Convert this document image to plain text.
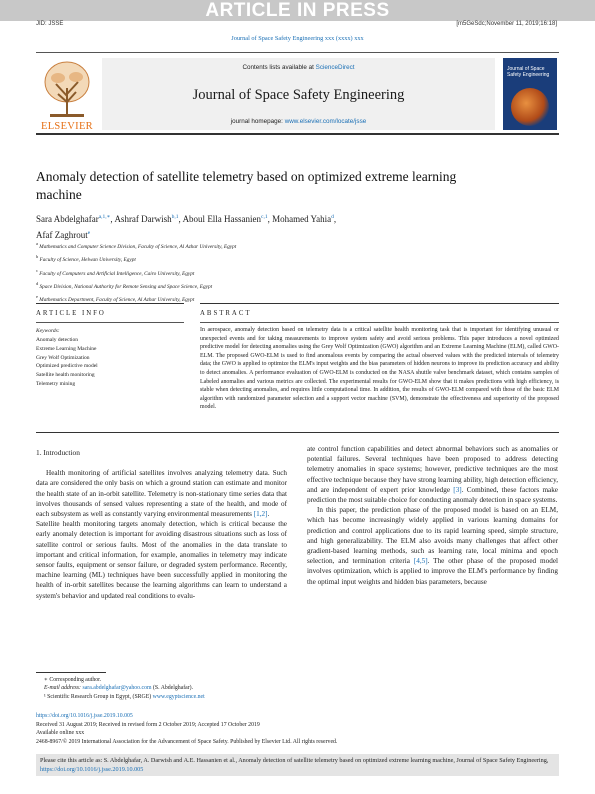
ARTICLE IN PRESS
JID: JSSE	[m5GeSdc;November 11, 2019;16:18]
Journal of Space Safety Engineering xxx (xxxx) xxx
ELSEVIER
Contents lists available at ScienceDirect
Journal of Space Safety Engineering
journal homepage: www.elsevier.com/locate/jsse
Journal of Space Safety Engineering
Anomaly detection of satellite telemetry based on optimized extreme learning machine
Sara Abdelghafar$^{a,1,∗}$, Ashraf Darwish$^{b,1}$, Aboul Ella Hassanien$^{c,1}$, Mohamed Yahia$^d$,
Afaf Zaghrout$^e$
$^a$ Mathematics and Computer Science Division, Faculty of Science, Al Azhar University, Egypt
$^b$ Faculty of Science, Helwan University, Egypt
$^c$ Faculty of Computers and Artificial Intelligence, Cairo University, Egypt
$^d$ Space Division, National Authority for Remote Sensing and Space Science, Egypt
$^e$ Mathematics Department, Faculty of Science, Al Azhar University, Egypt
ARTICLE INFO	ABSTRACT
Keywords:
Anomaly detection
Extreme Learning Machine
Grey Wolf Optimization
Optimized predictive model
Satellite health monitoring
Telemetry mining
In aerospace, anomaly detection based on telemetry data is a critical satellite health monitoring task that is important for identifying unusual or unexpected events and for taking measurements to improve system safety and avoid serious problems. This paper introduces a novel optimized predictive model for detecting anomalies using the Grey Wolf Optimization (GWO) algorithm and an Extreme Learning Machine (ELM), called GWO-ELM. The proposed GWO-ELM is used to find anomalous events by comparing the actual observed values with the predicted intervals of telemetry data; the GWO is applied to optimize the ELM's input weights and the bias parameters of hidden neurons to improve its prediction accuracy and ability to detect anomalies. A performance evaluation of GWO-ELM is conducted on the NASA shuttle valve benchmark dataset, which contains samples of Labeled anomalies and various metrics are collected. The experimental results for GWO-ELM show that it makes predictions with high efficiency, is stable when detecting anomalies, and requires little computational time. In addition, the results of GWO-ELM compared with those of the basic ELM algorithm with randomized parameter selection and a support vector machine (SVM), demonstrate the effectiveness and superiority of the proposed model.
1. Introduction

Health monitoring of artificial satellites involves analyzing telemetry data. Such data are considered the only basis on which a ground station can estimate and monitor the health state of an in-orbit satellite. Telemetry is non-stationary time series data that involves thousands of sensed values representing a state of the health, and mode of each subsystem as well as constantly varying environmental measurements [1,2].

Satellite health monitoring targets anomaly detection, which is critical because the early anomaly detection is important for avoiding disastrous situations such as loss of satellite control or serious faults. Most of the anomalies in the data translate to important and critical information, for example, anomalies in telemetry may indicate sensor faults, equipment or sensor failure, or degraded system performance. Recently, machine learning (ML) techniques have been successfully applied in monitoring the health of in-orbit satellites because the learning algorithms can learn to understand a system's behavior and updated real conditions to evalu-

ate control function capabilities and detect abnormal behaviors such as anomalies or potential failures. Several techniques have been proposed to address detecting telemetry anomalies in space systems; however, predictive techniques are the most effective technique because they have strong learning ability, high detection efficiency, and are independent of expert prior knowledge [3]. Combined, these factors make prediction the most suitable choice for conducting anomaly detection in space systems.

In this paper, the prediction phase of the proposed model is based on an ELM, which has become increasingly widely applied in various learning domains for prediction and control applications due to its rapid learning speed, simple structure, and high generalizability. The ELM also avoids many challenges that affect other gradient-based learning methods, such as learning rate, local minima and epoch selection, and termination criteria [4,5]. The other phase of the proposed model involves optimization, which is applied to improve the ELM's performance by finding the optimal input weights and hidden bias parameters, because

∗ Corresponding author.
E-mail address: sara.abdelghafar@yahoo.com (S. Abdelghafar).
¹ Scientific Research Group in Egypt, (SRGE) www.egyptscience.net
https://doi.org/10.1016/j.jsse.2019.10.005
Received 31 August 2019; Received in revised form 2 October 2019; Accepted 17 October 2019
Available online xxx
2468-8967/© 2019 International Association for the Advancement of Space Safety. Published by Elsevier Ltd. All rights reserved.
Please cite this article as: S. Abdelghafar, A. Darwish and A.E. Hassanien et al., Anomaly detection of satellite telemetry based on optimized extreme learning machine, Journal of Space Safety Engineering, https://doi.org/10.1016/j.jsse.2019.10.005
